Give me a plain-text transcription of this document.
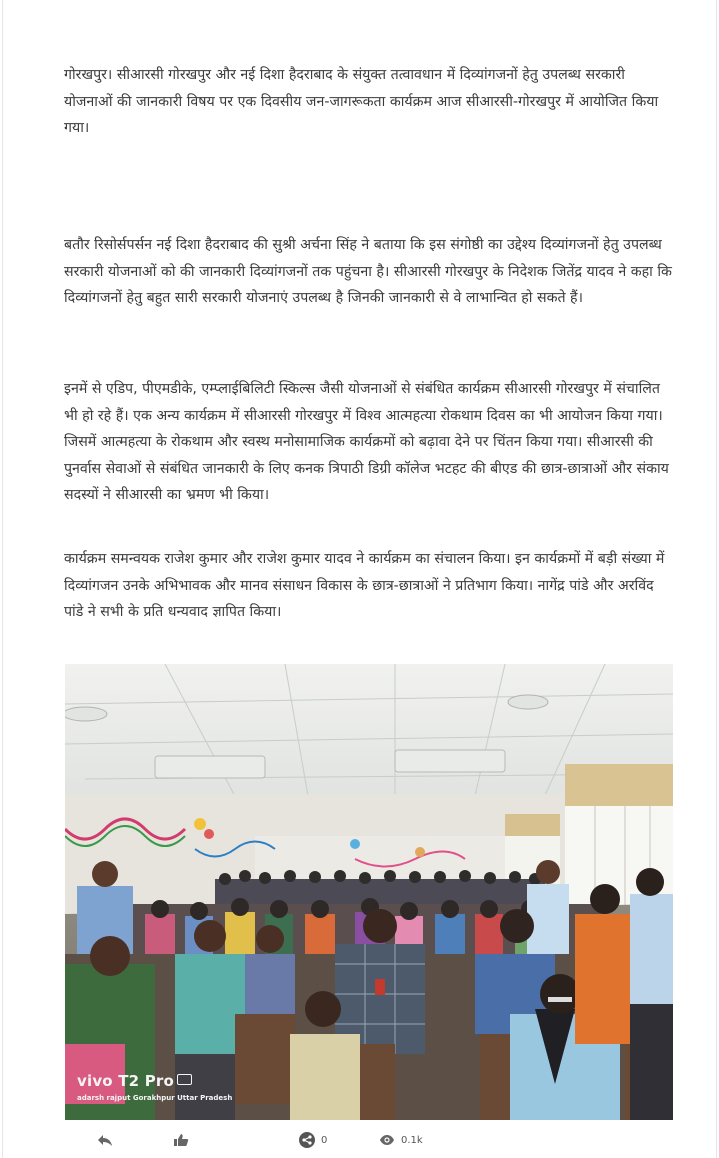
गोरखपुर। सीआरसी गोरखपुर और नई दिशा हैदराबाद के संयुक्त तत्वावधान में दिव्यांगजनों हेतु उपलब्ध सरकारी योजनाओं की जानकारी विषय पर एक दिवसीय जन-जागरूकता कार्यक्रम आज सीआरसी-गोरखपुर में आयोजित किया गया।

बतौर रिसोर्सपर्सन नई दिशा हैदराबाद की सुश्री अर्चना सिंह ने बताया कि इस संगोष्ठी का उद्देश्य दिव्यांगजनों हेतु उपलब्ध सरकारी योजनाओं को की जानकारी दिव्यांगजनों तक पहुंचना है। सीआरसी गोरखपुर के निदेशक जितेंद्र यादव ने कहा कि दिव्यांगजनों हेतु बहुत सारी सरकारी योजनाएं उपलब्ध है जिनकी जानकारी से वे लाभान्वित हो सकते हैं।

इनमें से एडिप, पीएमडीके, एम्प्लाईबिलिटी स्किल्स जैसी योजनाओं से संबंधित कार्यक्रम सीआरसी गोरखपुर में संचालित भी हो रहे हैं। एक अन्य कार्यक्रम में सीआरसी गोरखपुर में विश्व आत्महत्या रोकथाम दिवस का भी आयोजन किया गया। जिसमें आत्महत्या के रोकथाम और स्वस्थ मनोसामाजिक कार्यक्रमों को बढ़ावा देने पर चिंतन किया गया। सीआरसी की पुनर्वास सेवाओं से संबंधित जानकारी के लिए कनक त्रिपाठी डिग्री कॉलेज भटहट की बीएड की छात्र-छात्राओं और संकाय सदस्यों ने सीआरसी का भ्रमण भी किया।

कार्यक्रम समन्वयक राजेश कुमार और राजेश कुमार यादव ने कार्यक्रम का संचालन किया। इन कार्यक्रमों में बड़ी संख्या में दिव्यांगजन उनके अभिभावक और मानव संसाधन विकास के छात्र-छात्राओं ने प्रतिभाग किया। नागेंद्र पांडे और अरविंद पांडे ने सभी के प्रति धन्यवाद ज्ञापित किया।

vivo T2 Pro
adarsh rajput Gorakhpur Uttar Pradesh
0	0.1k
